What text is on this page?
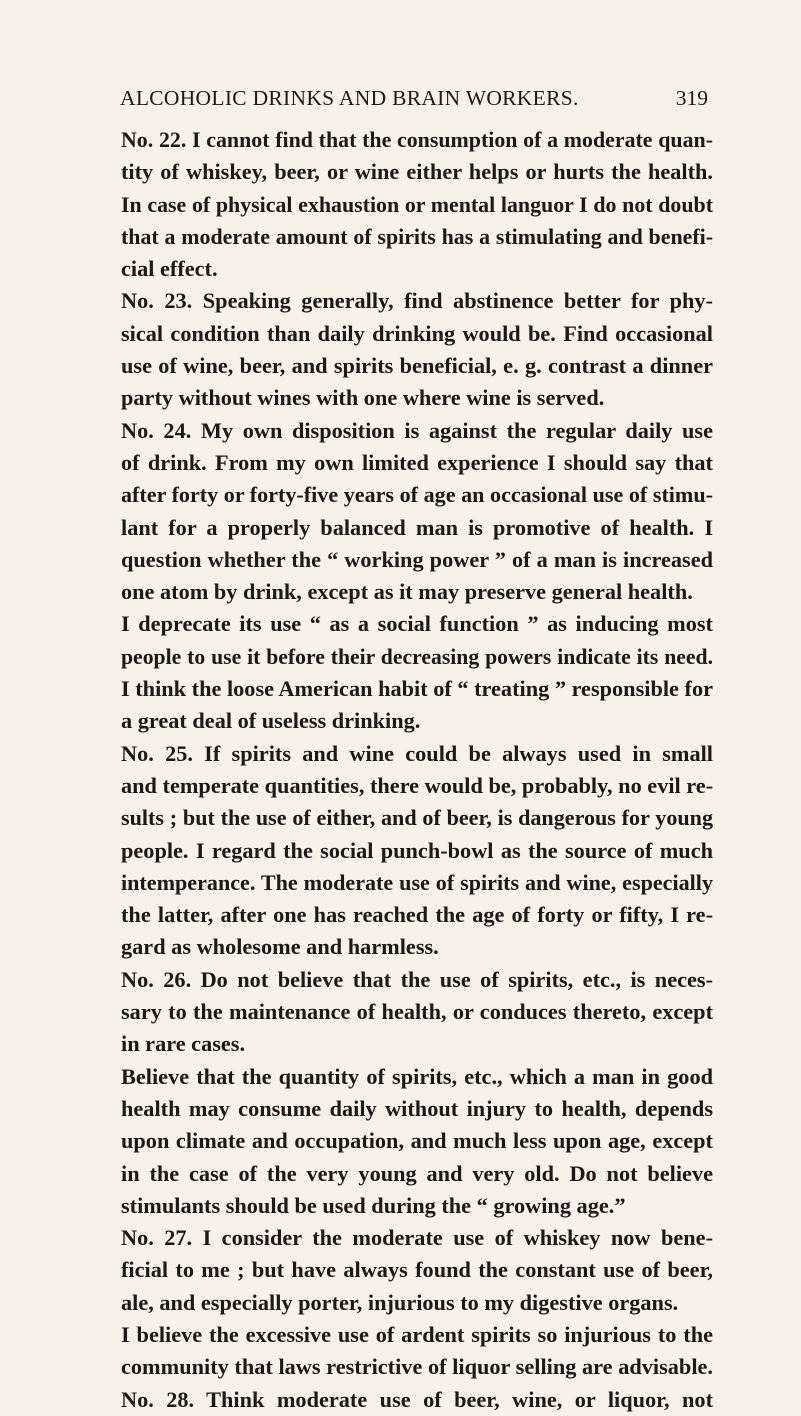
ALCOHOLIC DRINKS AND BRAIN WORKERS.	319
No. 22. I cannot find that the consumption of a moderate quan-
tity of whiskey, beer, or wine either helps or hurts the health.
In case of physical exhaustion or mental languor I do not doubt
that a moderate amount of spirits has a stimulating and benefi-
cial effect.
No. 23. Speaking generally, find abstinence better for phy-
sical condition than daily drinking would be. Find occasional
use of wine, beer, and spirits beneficial, e. g. contrast a dinner
party without wines with one where wine is served.
No. 24. My own disposition is against the regular daily use
of drink. From my own limited experience I should say that
after forty or forty-five years of age an occasional use of stimu-
lant for a properly balanced man is promotive of health. I
question whether the “ working power ” of a man is increased
one atom by drink, except as it may preserve general health.
I deprecate its use “ as a social function ” as inducing most
people to use it before their decreasing powers indicate its need.
I think the loose American habit of “ treating ” responsible for
a great deal of useless drinking.
No. 25. If spirits and wine could be always used in small
and temperate quantities, there would be, probably, no evil re-
sults ; but the use of either, and of beer, is dangerous for young
people. I regard the social punch-bowl as the source of much
intemperance. The moderate use of spirits and wine, especially
the latter, after one has reached the age of forty or fifty, I re-
gard as wholesome and harmless.
No. 26. Do not believe that the use of spirits, etc., is neces-
sary to the maintenance of health, or conduces thereto, except
in rare cases.
Believe that the quantity of spirits, etc., which a man in good
health may consume daily without injury to health, depends
upon climate and occupation, and much less upon age, except
in the case of the very young and very old. Do not believe
stimulants should be used during the “ growing age.”
No. 27. I consider the moderate use of whiskey now bene-
ficial to me ; but have always found the constant use of beer,
ale, and especially porter, injurious to my digestive organs.
I believe the excessive use of ardent spirits so injurious to the
community that laws restrictive of liquor selling are advisable.
No. 28. Think moderate use of beer, wine, or liquor, not
